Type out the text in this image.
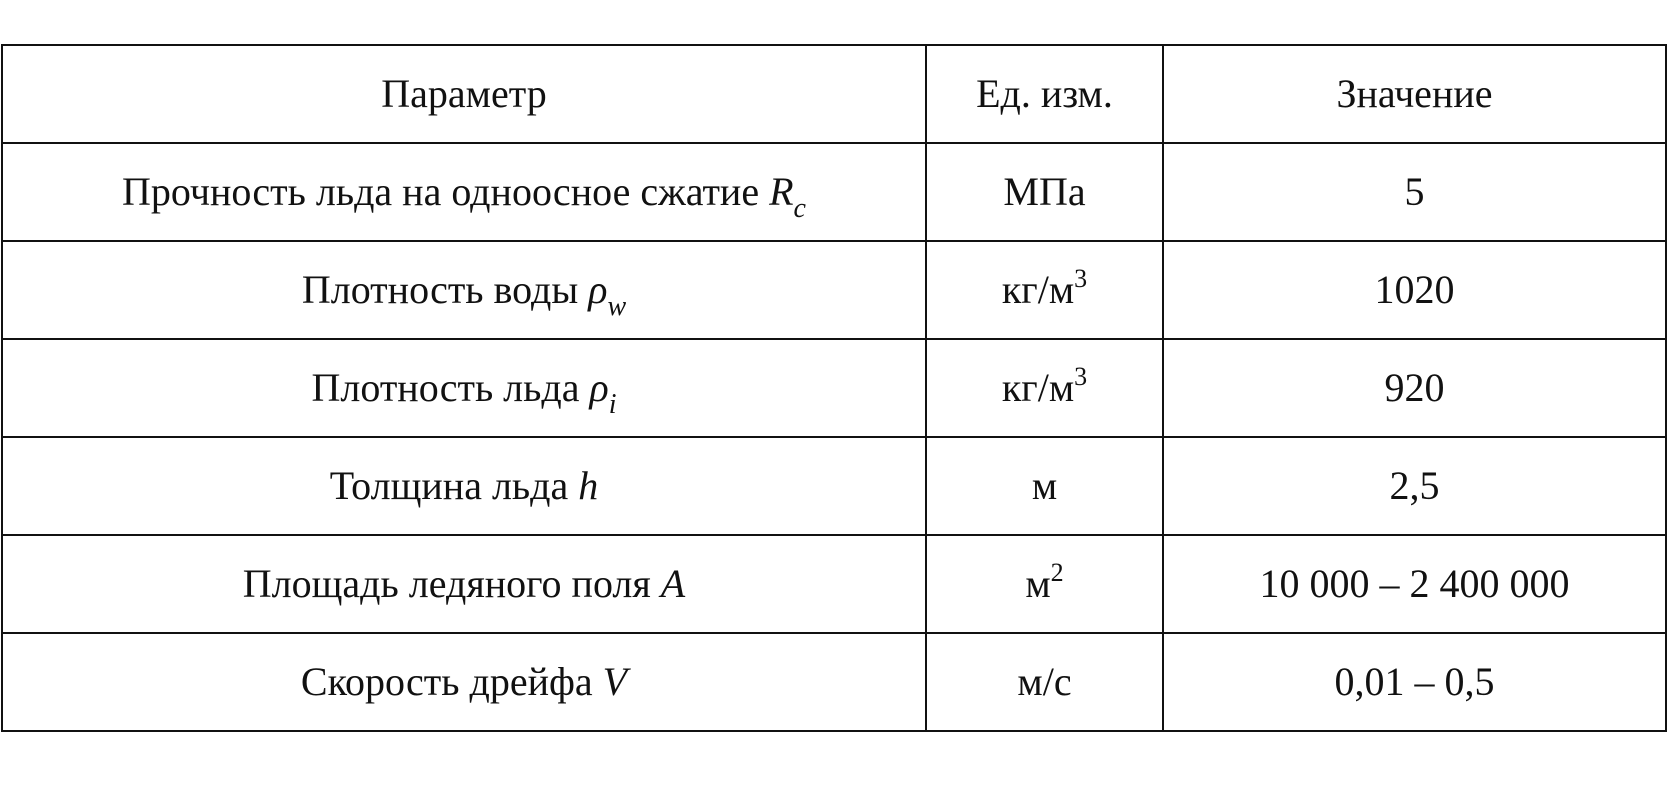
Параметр	Ед. изм.	Значение
Прочность льда на одноосное сжатие $R_c$	МПа	5
Плотность воды $\rho_w$	$кг/м^3$	1020
Плотность льда $\rho_i$	$кг/м^3$	920
Толщина льда h	м	2,5
Площадь ледяного поля A	$м^2$	10 000 – 2 400 000
Скорость дрейфа V	м/с	0,01 – 0,5
